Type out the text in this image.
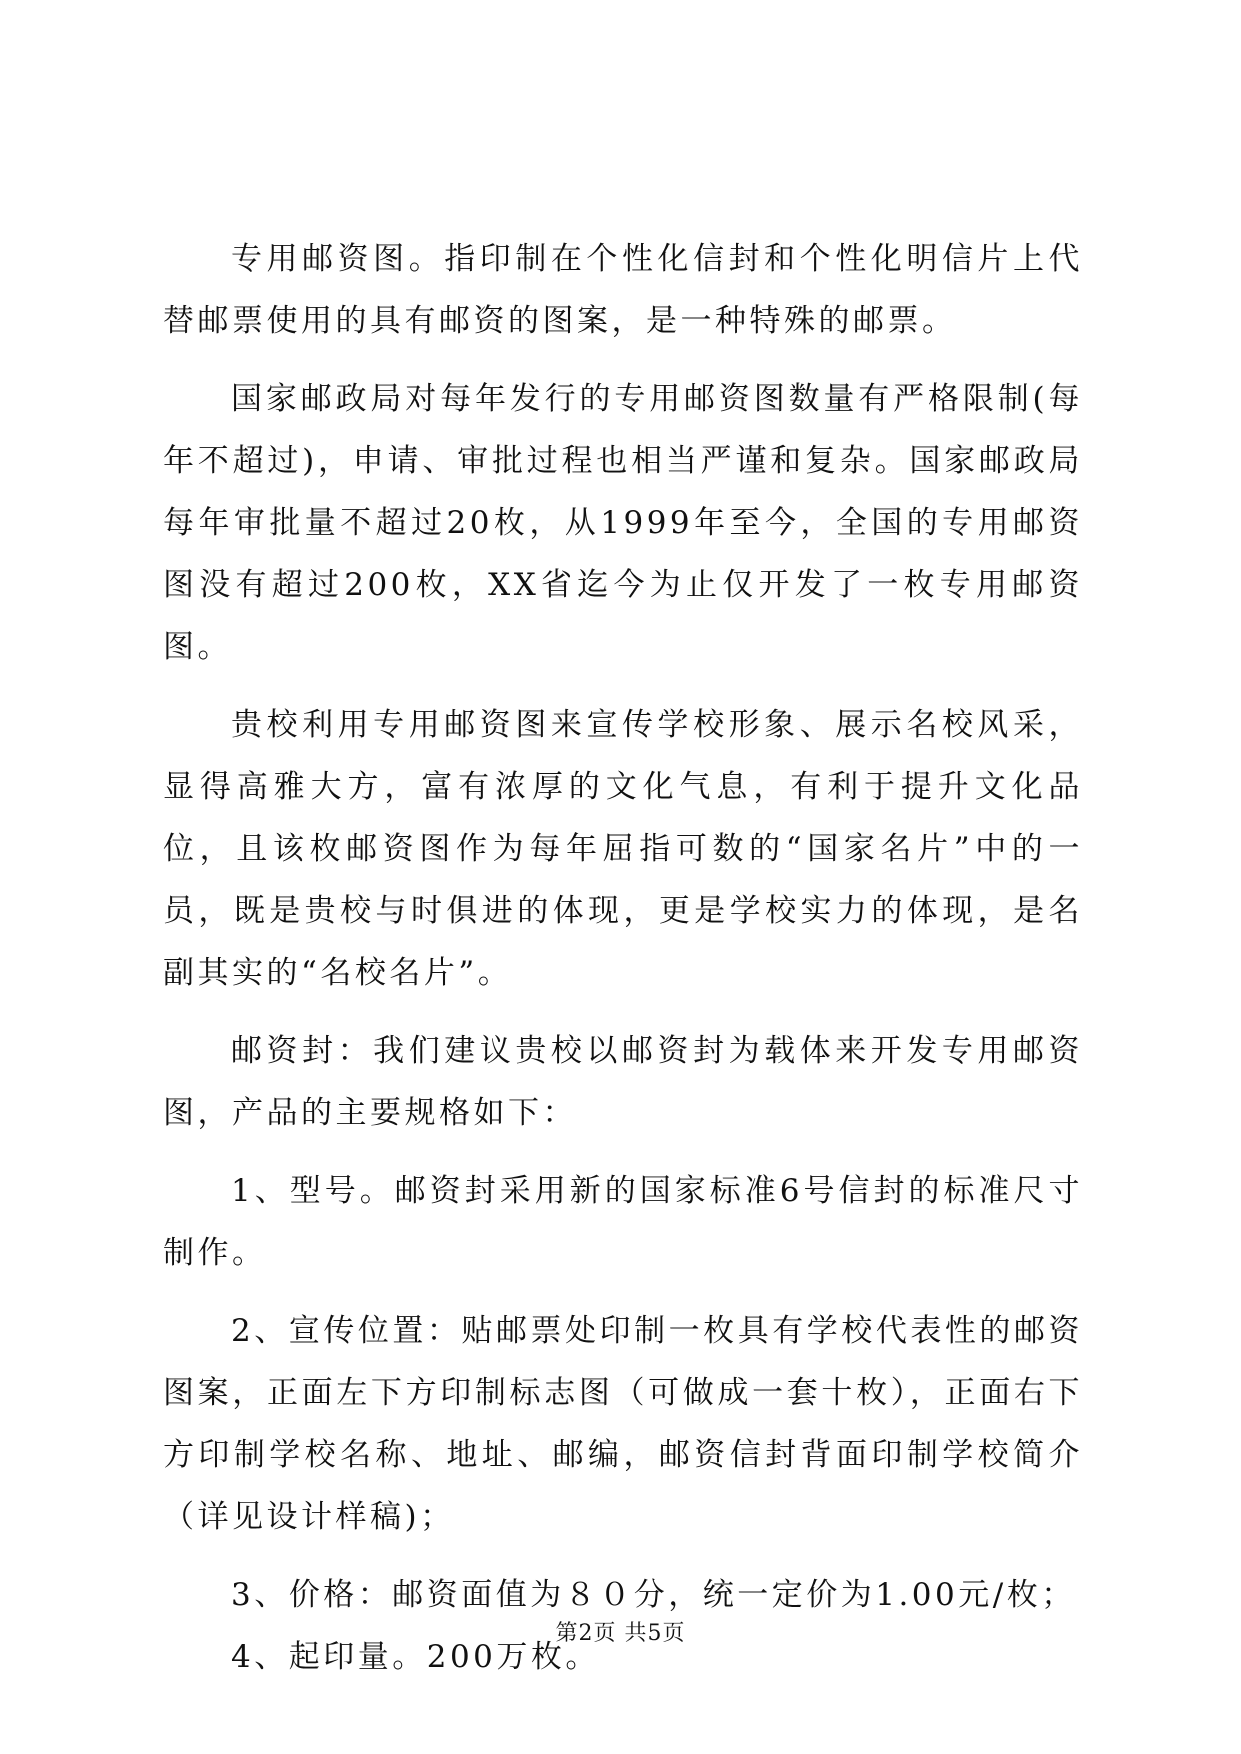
专用邮资图。指印制在个性化信封和个性化明信片上代替邮票使用的具有邮资的图案，是一种特殊的邮票。

国家邮政局对每年发行的专用邮资图数量有严格限制(每年不超过)，申请、审批过程也相当严谨和复杂。国家邮政局每年审批量不超过20枚，从1999年至今，全国的专用邮资图没有超过200枚，XX省迄今为止仅开发了一枚专用邮资图。

贵校利用专用邮资图来宣传学校形象、展示名校风采，显得高雅大方，富有浓厚的文化气息，有利于提升文化品位，且该枚邮资图作为每年屈指可数的“国家名片”中的一员，既是贵校与时俱进的体现，更是学校实力的体现，是名副其实的“名校名片”。

邮资封：我们建议贵校以邮资封为载体来开发专用邮资图，产品的主要规格如下：

1、型号。邮资封采用新的国家标准6号信封的标准尺寸制作。

2、宣传位置：贴邮票处印制一枚具有学校代表性的邮资图案，正面左下方印制标志图（可做成一套十枚），正面右下方印制学校名称、地址、邮编，邮资信封背面印制学校简介（详见设计样稿)；

3、价格：邮资面值为８０分，统一定价为1.00元/枚；

4、起印量。200万枚。

第2页 共5页
